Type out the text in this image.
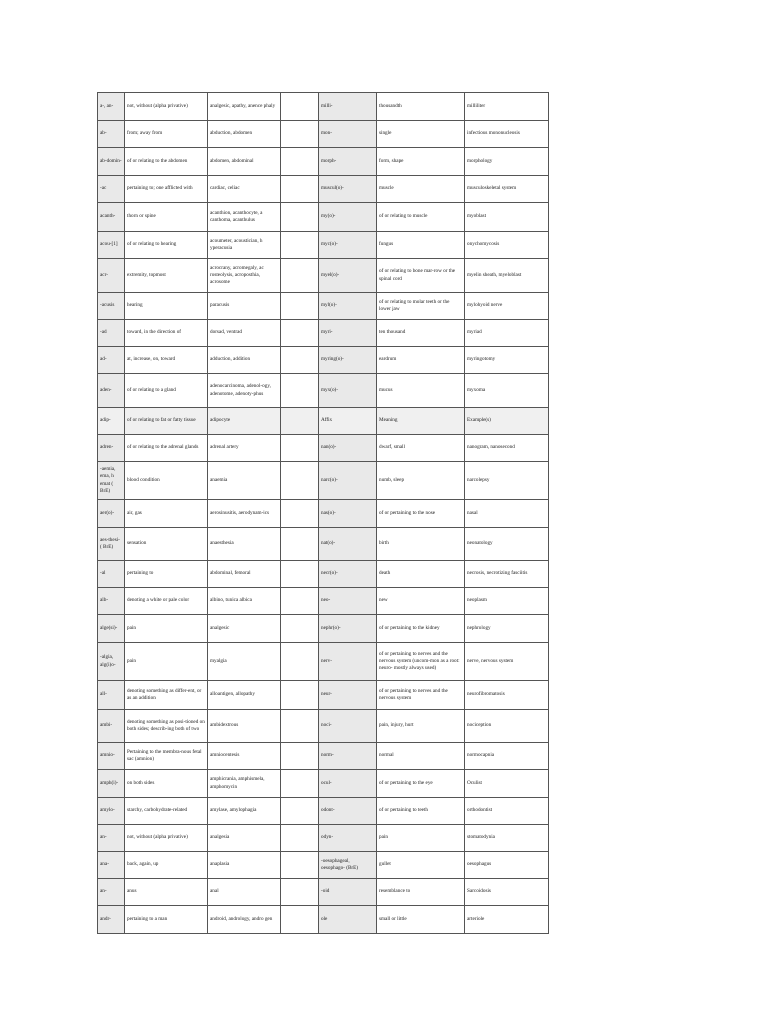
a-, an-	not, without (alpha privative)	analgesic, apathy, anence phaly		milli-	thousandth	milliliter
ab-	from; away from	abduction, abdomen		mon-	single	infectious mononucleosis
ab-domin-	of or relating to the abdomen	abdomen, abdominal		morph-	form, shape	morphology
-ac	pertaining to; one afflicted with	cardiac, celiac		muscul(o)-	muscle	musculoskeletal system
acanth-	thorn or spine	acanthion, acanthocyte, a canthoma, acanthulus		my(o)-	of or relating to muscle	myoblast
acou-[1]	of or relating to hearing	acoumeter, acoustician, h yperacusia		myc(o)-	fungus	onychomycosis
acr-	extremity, topmost	acrocrany, acromegaly, ac rosteolysis, acroposthia, acrosome		myel(o)-	of or relating to bone mar-row or the spinal cord	myelin sheath, myeloblast
-acusis	hearing	paracusis		myl(o)-	of or relating to molar teeth or the lower jaw	mylohyoid nerve
-ad	toward, in the direction of	dorsad, ventrad		myri-	ten thousand	myriad
ad-	at, increase, on, toward	adduction, addition		myring(o)-	eardrum	myringotomy
aden-	of or relating to a gland	adenocarcinoma, adenol-ogy, adenotome, adenoty-phus		myx(o)-	mucus	myxoma
adip-	of or relating to fat or fatty tissue	adipocyte		Affix	Meaning	Example(s)
adren-	of or relating to the adrenal glands	adrenal artery		nan(o)-	dwarf, small	nanogram, nanosecond
-aemia, ema, h emat ( BrE)	blood condition	anaemia		narc(o)-	numb, sleep	narcolepsy
aer(o)-	air, gas	aerosinusitis, aerodynam-ics		nas(o)-	of or pertaining to the nose	nasal
aes-thesi- ( BrE)	sensation	anaesthesia		nat(o)-	birth	neonatology
-al	pertaining to	abdominal, femoral		necr(o)-	death	necrosis, necrotizing fasciitis
alb-	denoting a white or pale color	albino, tunica albica		neo-	new	neoplasm
alge(si)-	pain	analgesic		nephr(o)-	of or pertaining to the kidney	nephrology
-algia, alg(i)o-	pain	myalgia		nerv-	of or pertaining to nerves and the nervous system (uncom-mon as a root: neuro- mostly always used)	nerve, nervous system
all-	denoting something as differ-ent, or as an addition	alloantigen, allopathy		neur-	of or pertaining to nerves and the nervous system	neurofibromatosis
ambi-	denoting something as posi-tioned on both sides; describ-ing both of two	ambidextrous		noci-	pain, injury, hurt	nociception
amnio-	Pertaining to the membra-nous fetal sac (amnion)	amniocentesis		norm-	normal	normocapnia
amph(i)-	on both sides	amphicrania, amphismela, amphomycin		ocul-	of or pertaining to the eye	Oculist
amylo-	starchy, carbohydrate-related	amylase, amylophagia		odont-	of or pertaining to teeth	orthodontist
an-	not, without (alpha privative)	analgesia		odyn-	pain	stomatodynia
ana-	back, again, up	anaplasia		-oesophageal, oesophago- (BrE)	gullet	oesophagus
an-	anus	anal		-oid	resemblance to	Sarcoidosis
andr-	pertaining to a man	android, andrology, andro gen		ole	small or little	arteriole
